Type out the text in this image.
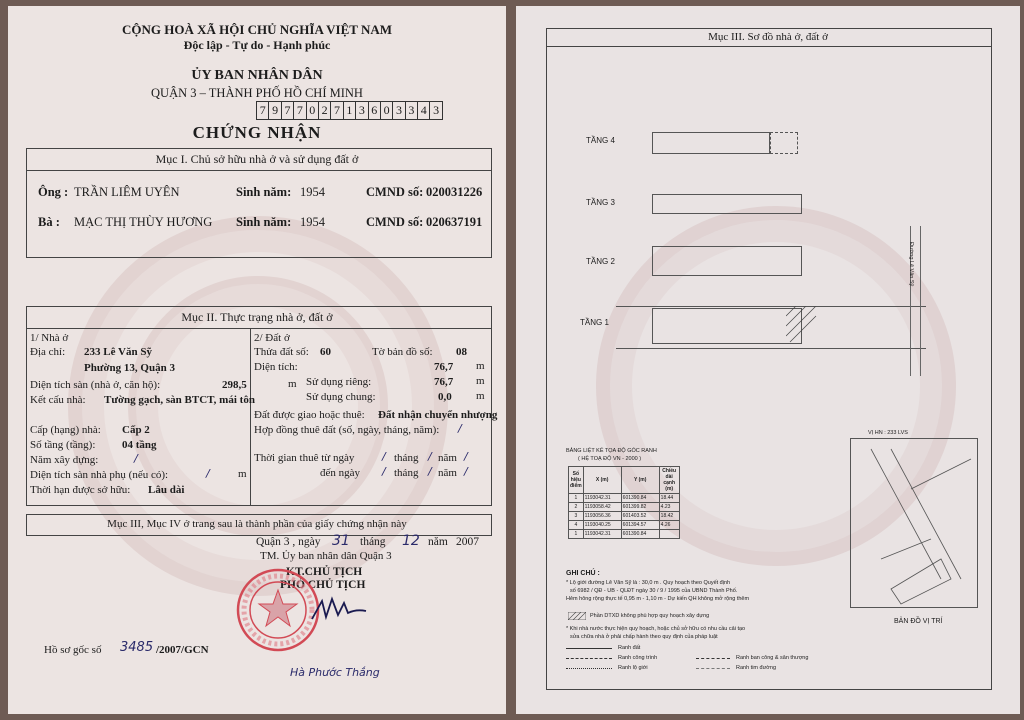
CỘNG HOÀ XÃ HỘI CHỦ NGHĨA VIỆT NAM
Độc lập - Tự do - Hạnh phúc
ỦY BAN NHÂN DÂN
QUẬN 3 – THÀNH PHỐ HỒ CHÍ MINH
7 9 7 7 0 2 7 1 3 6 0 3 3 4 3
CHỨNG NHẬN
Mục I. Chủ sở hữu nhà ở và sử dụng đất ở
Ông : TRẦN LIÊM UYÊN	Sinh năm: 1954	CMND số: 020031226
Bà : MẠC THỊ THÙY HƯƠNG Sinh năm: 1954	CMND số: 020637191
Mục II. Thực trạng nhà ở, đất ở
1/ Nhà ở
Địa chỉ: 233 Lê Văn Sỹ
Phường 13, Quận 3
Diện tích sàn (nhà ở, căn hộ):	298,5	m
Kết cấu nhà: Tường gạch, sàn BTCT, mái tôn
Cấp (hạng) nhà: Cấp 2
Số tầng (tầng): 04 tầng
Năm xây dựng:	/
Diện tích sàn nhà phụ (nếu có):	/	m
Thời hạn được sở hữu: Lâu dài
2/ Đất ở
Thửa đất số: 60	Tờ bản đồ số: 08
Diện tích:	76,7 m
Sử dụng riêng:	76,7 m
Sử dụng chung:	0,0 m
Đất được giao hoặc thuê: Đất nhận chuyển nhượng
Hợp đồng thuê đất (số, ngày, tháng, năm): /
Thời gian thuê từ ngày	/ tháng / năm /
đến ngày / tháng / năm /
Mục III, Mục IV ở trang sau là thành phần của giấy chứng nhận này
Quận 3 , ngày 31 tháng 12 năm 2007
TM. Ủy ban nhân dân Quận 3
KT.CHỦ TỊCH
PHÓ CHỦ TỊCH
Hà Phước Thắng
Hồ sơ gốc số 3485 /2007/GCN
Mục III. Sơ đồ nhà ở, đất ở
TẦNG 4
TẦNG 3
TẦNG 2
TẦNG 1
Đường Lê Văn Sỹ
BẢNG LIỆT KÊ TỌA ĐỘ GÓC RANH
( HỆ TOẠ ĐỘ VN - 2000 )
Số hiệu điểm	X (m)	Y (m)	Chiều dài cạnh (m)
1	1193042.31	601390.84	18.44
2	1193058.42	601399.82	4.23
3	1193056.36	601403.52	18.42
4	1193040.25	601394.57	4.26
1	1193042.31	601390.84	
VỊ HN : 233 LVS
BẢN ĐỒ VỊ TRÍ
GHI CHÚ :
* Lộ giới đường Lê Văn Sỹ là : 30,0 m . Quy hoạch theo Quyết định
số 6982 / QĐ - UB - QLĐT ngày 30 / 9 / 1995 của UBND Thành Phố.
Hẻm hông rộng thực tế 0,95 m - 1,10 m - Dự kiến QH không mở rộng thêm
Phần DTXD không phù hợp quy hoạch xây dựng
* Khi nhà nước thực hiện quy hoạch, hoặc chủ sở hữu có nhu cầu cải tạo
sửa chữa nhà ở phải chấp hành theo quy định của pháp luật
Ranh đất
Ranh công trình
Ranh lộ giới
Ranh ban công & sân thượng
Ranh tim đường
